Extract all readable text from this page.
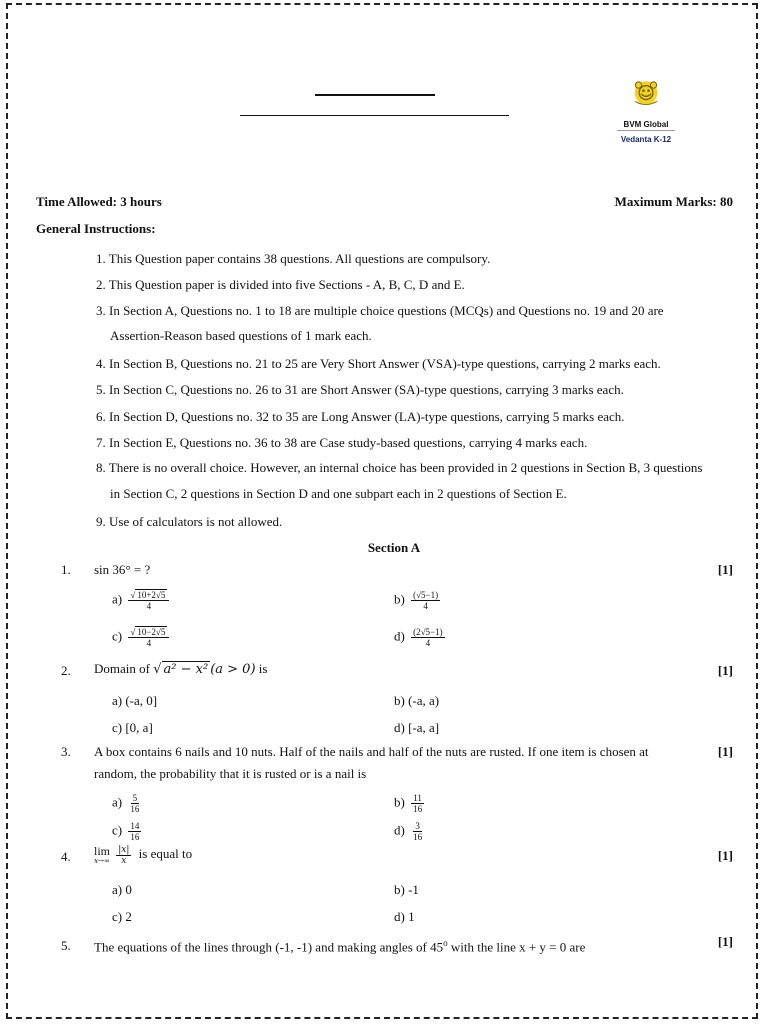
BVM Global
Vedanta K-12
Time Allowed: 3 hours	Maximum Marks: 80
General Instructions:
1. This Question paper contains 38 questions. All questions are compulsory.
2. This Question paper is divided into five Sections - A, B, C, D and E.
3. In Section A, Questions no. 1 to 18 are multiple choice questions (MCQs) and Questions no. 19 and 20 are
Assertion-Reason based questions of 1 mark each.
4. In Section B, Questions no. 21 to 25 are Very Short Answer (VSA)-type questions, carrying 2 marks each.
5. In Section C, Questions no. 26 to 31 are Short Answer (SA)-type questions, carrying 3 marks each.
6. In Section D, Questions no. 32 to 35 are Long Answer (LA)-type questions, carrying 5 marks each.
7. In Section E, Questions no. 36 to 38 are Case study-based questions, carrying 4 marks each.
8. There is no overall choice. However, an internal choice has been provided in 2 questions in Section B, 3 questions
in Section C, 2 questions in Section D and one subpart each in 2 questions of Section E.
9. Use of calculators is not allowed.
Section A
1. sin 36° = ?	[1]
$a) \frac{√ 10+2√5}{4}$	$b) \frac{(√5-1)}{4}$
$c) \frac{√ 10-2√5}{4}$	$d) \frac{(2√5-1)}{4}$
2. Domain of √ a² − x² (a > 0) is	[1]
a) (-a, 0]	b) (-a, a)
c) [0, a]	d) [-a, a]
3. A box contains 6 nails and 10 nuts. Half of the nails and half of the nuts are rusted. If one item is chosen at
random, the probability that it is rusted or is a nail is
[1]
$a) \frac{5}{16}$	$b) \frac{11}{16}$
$c) \frac{14}{16}$	$d) \frac{3}{16}$
4. lim
x→∞
$\frac{|x|}{x}$ is equal to	[1]
a) 0	b) -1
c) 2	d) 1
5. The equations of the lines through (-1, -1) and making angles of 45$^o$ with the line x + y = 0 are	[1]
